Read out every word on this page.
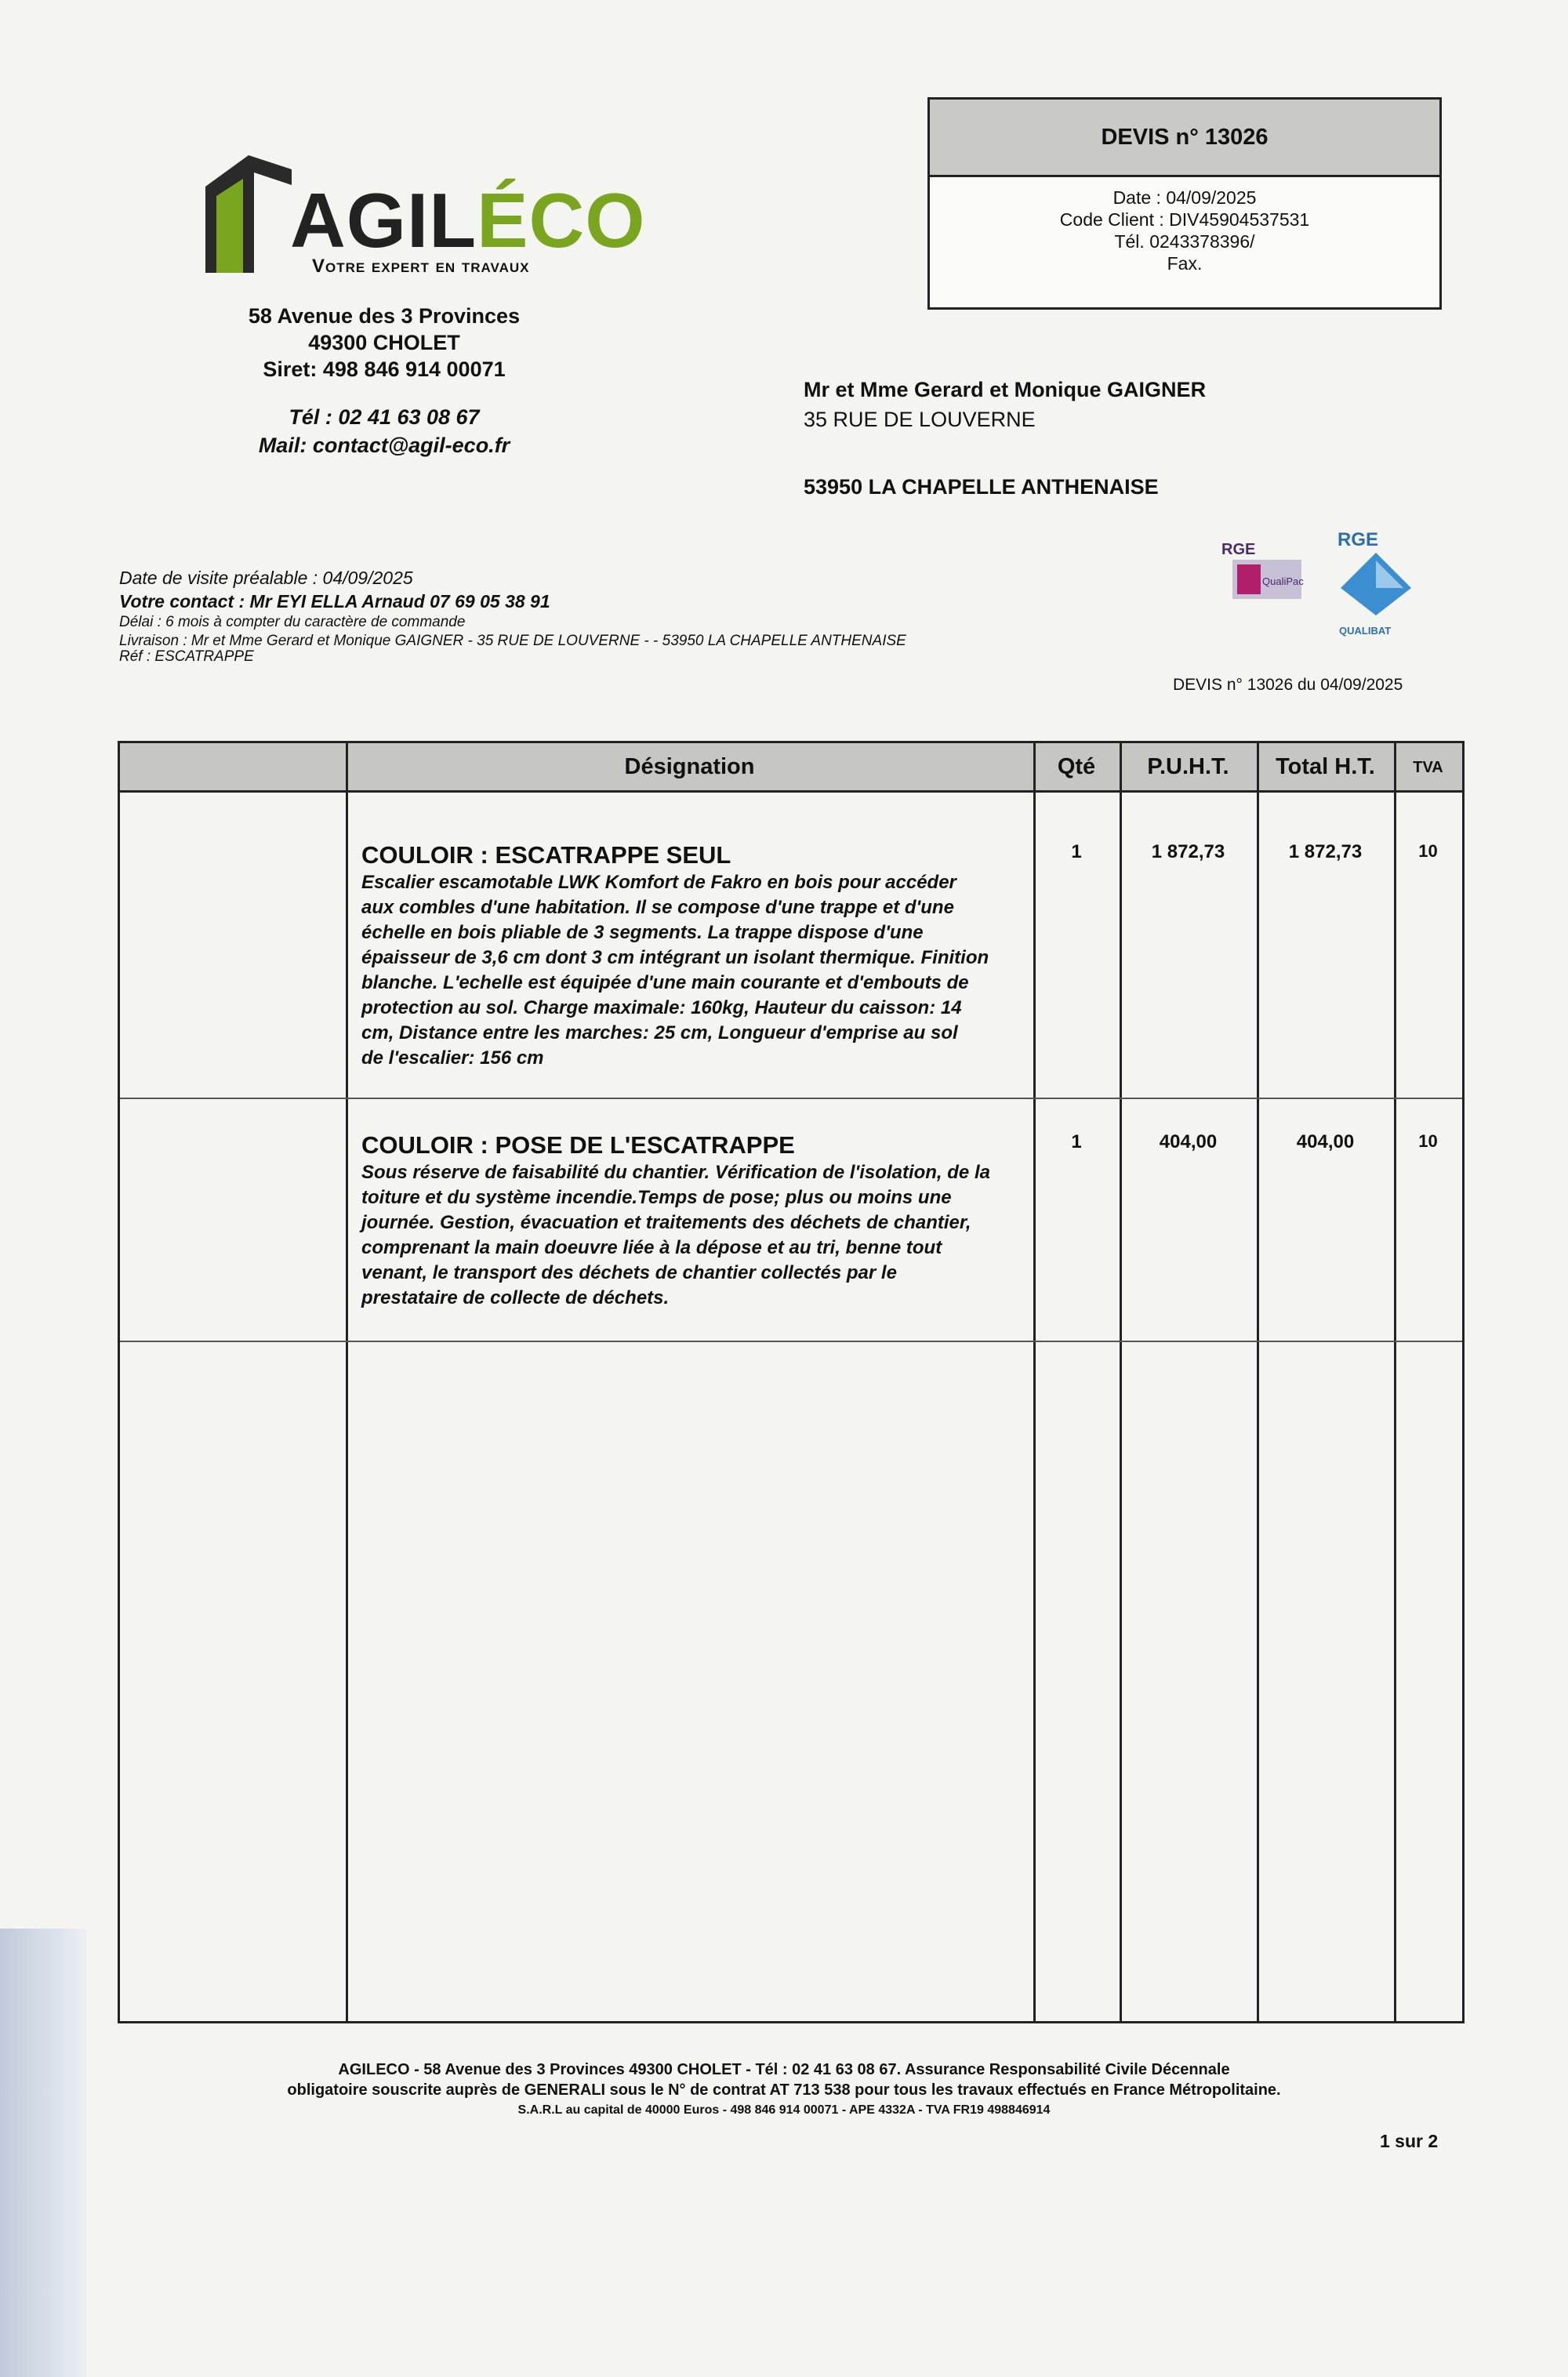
AGILÉCO
Votre expert en travaux
58 Avenue des 3 Provinces
49300 CHOLET
Siret: 498 846 914 00071
Tél : 02 41 63 08 67
Mail: contact@agil-eco.fr
DEVIS n° 13026
Date : 04/09/2025
Code Client : DIV45904537531
Tél. 0243378396/
Fax.
Mr et Mme Gerard et Monique GAIGNER
35 RUE DE LOUVERNE
53950 LA CHAPELLE ANTHENAISE
RGE
QualiPac
RGE
QUALIBAT
Date de visite préalable : 04/09/2025
Votre contact : Mr EYI ELLA Arnaud 07 69 05 38 91
Délai : 6 mois à compter du caractère de commande
Livraison : Mr et Mme Gerard et Monique GAIGNER - 35 RUE DE LOUVERNE - - 53950 LA CHAPELLE ANTHENAISE
Réf : ESCATRAPPE
DEVIS n° 13026 du 04/09/2025
Désignation	Qté	P.U.H.T.	Total H.T.	TVA
COULOIR : ESCATRAPPE SEUL
Escalier escamotable LWK Komfort de Fakro en bois pour accéder
aux combles d'une habitation. Il se compose d'une trappe et d'une
échelle en bois pliable de 3 segments. La trappe dispose d'une
épaisseur de 3,6 cm dont 3 cm intégrant un isolant thermique. Finition
blanche. L'echelle est équipée d'une main courante et d'embouts de
protection au sol. Charge maximale: 160kg, Hauteur du caisson: 14
cm, Distance entre les marches: 25 cm, Longueur d'emprise au sol
de l'escalier: 156 cm
1	1 872,73	1 872,73	10
COULOIR : POSE DE L'ESCATRAPPE
Sous réserve de faisabilité du chantier. Vérification de l'isolation, de la
toiture et du système incendie.Temps de pose; plus ou moins une
journée. Gestion, évacuation et traitements des déchets de chantier,
comprenant la main doeuvre liée à la dépose et au tri, benne tout
venant, le transport des déchets de chantier collectés par le
prestataire de collecte de déchets.
1	404,00	404,00	10
AGILECO - 58 Avenue des 3 Provinces 49300 CHOLET - Tél : 02 41 63 08 67. Assurance Responsabilité Civile Décennale
obligatoire souscrite auprès de GENERALI sous le N° de contrat AT 713 538 pour tous les travaux effectués en France Métropolitaine.
S.A.R.L au capital de 40000 Euros - 498 846 914 00071 - APE 4332A - TVA FR19 498846914
1 sur 2
